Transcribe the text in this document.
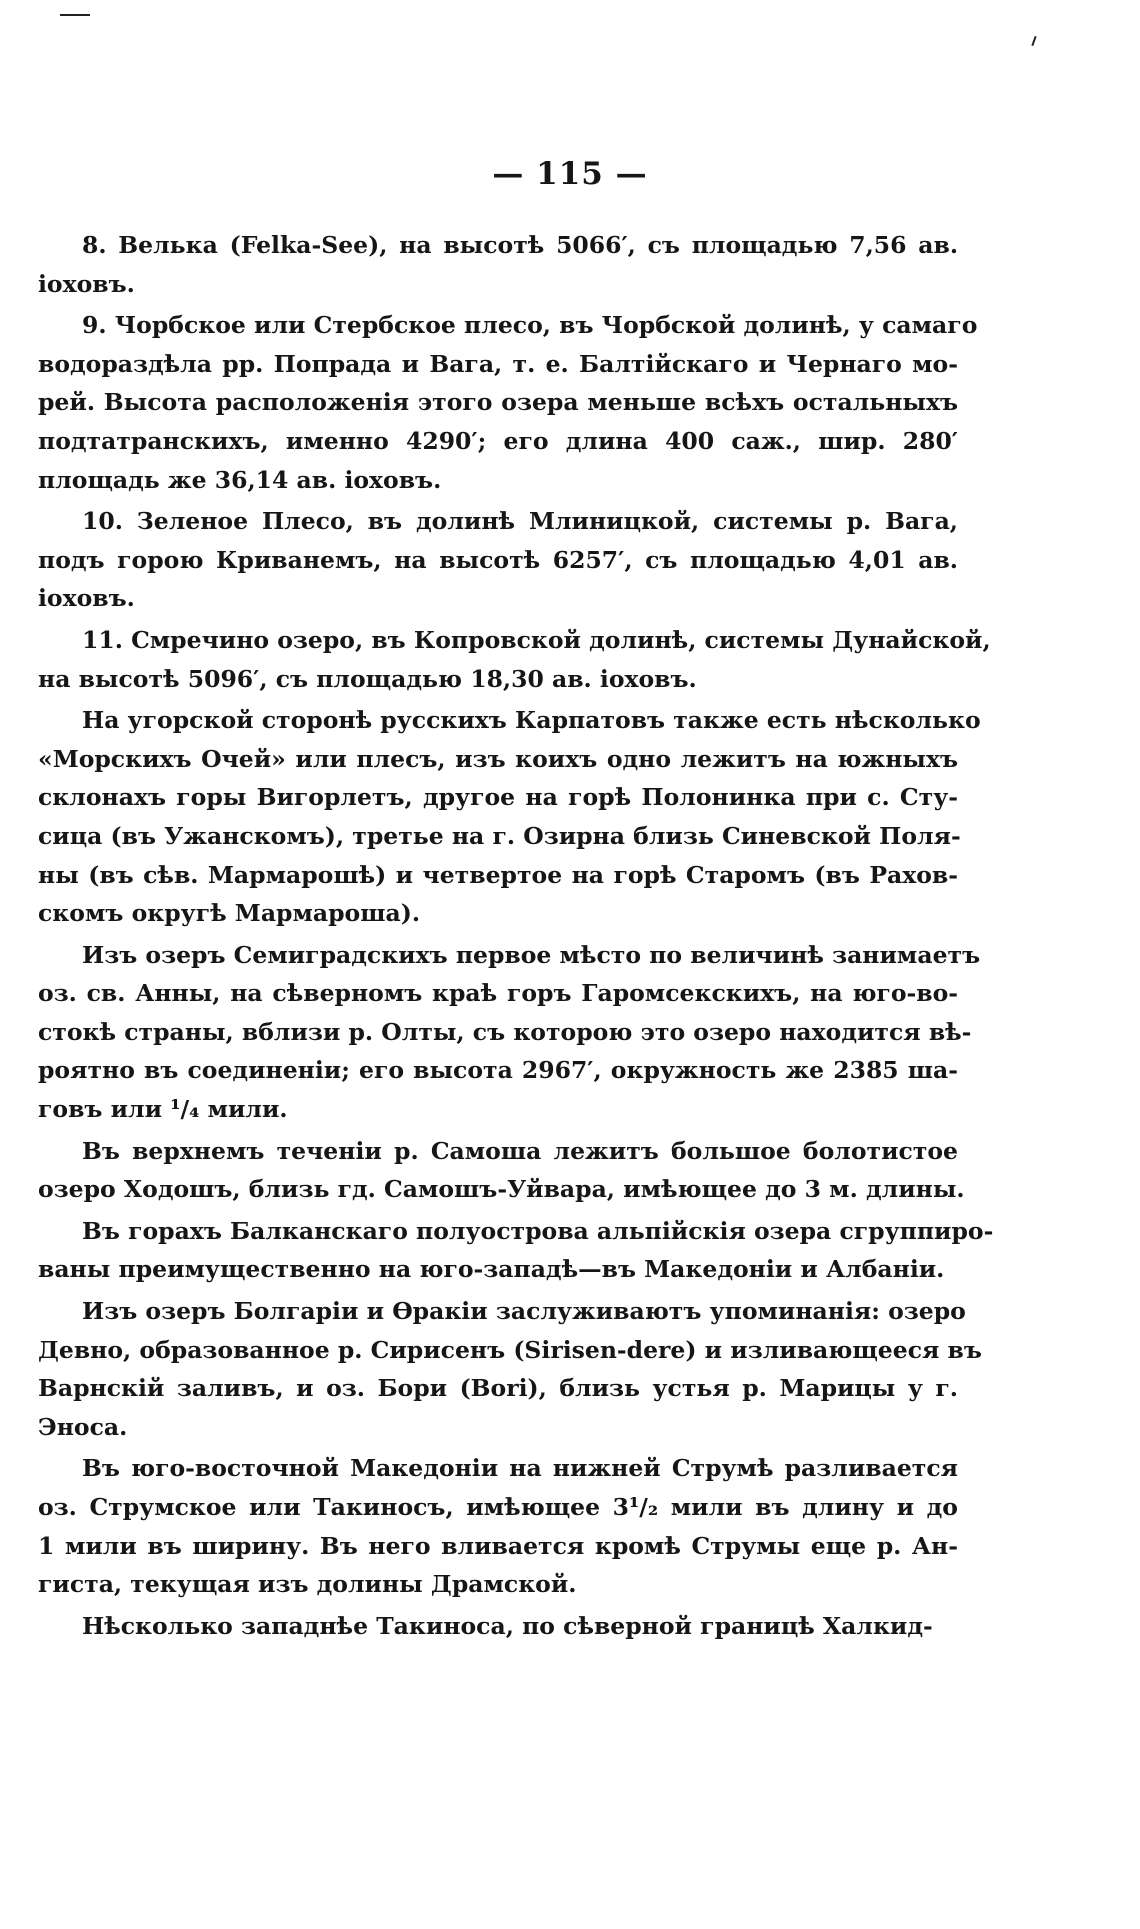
— 115 —

8. Велька (Felka-See), на высотѣ 5066′, съ площадью 7,56 ав.
іоховъ.
9. Чорбское или Стербское плесо, въ Чорбской долинѣ, у самаго
водораздѣла рр. Попрада и Вага, т. е. Балтійскаго и Чернаго мо-
рей. Высота расположенія этого озера меньше всѣхъ остальныхъ
подтатранскихъ, именно 4290′; его длина 400 саж., шир. 280′
площадь же 36,14 ав. іоховъ.
10. Зеленое Плесо, въ долинѣ Млиницкой, системы р. Вага,
подъ горою Криванемъ, на высотѣ 6257′, съ площадью 4,01 ав.
іоховъ.
11. Смречино озеро, въ Копровской долинѣ, системы Дунайской,
на высотѣ 5096′, съ площадью 18,30 ав. іоховъ.
На угорской сторонѣ русскихъ Карпатовъ также есть нѣсколько
«Морскихъ Очей» или плесъ, изъ коихъ одно лежитъ на южныхъ
склонахъ горы Вигорлетъ, другое на горѣ Полонинка при с. Сту-
сица (въ Ужанскомъ), третье на г. Озирна близь Синевской Поля-
ны (въ сѣв. Мармарошѣ) и четвертое на горѣ Старомъ (въ Рахов-
скомъ округѣ Мармароша).
Изъ озеръ Семиградскихъ первое мѣсто по величинѣ занимаетъ
оз. св. Анны, на сѣверномъ краѣ горъ Гаромсекскихъ, на юго-во-
стокѣ страны, вблизи р. Олты, съ которою это озеро находится вѣ-
роятно въ соединеніи; его высота 2967′, окружность же 2385 ша-
говъ или ¹/₄ мили.
Въ верхнемъ теченіи р. Самоша лежитъ большое болотистое
озеро Ходошъ, близь гд. Самошъ-Уйвара, имѣющее до 3 м. длины.
Въ горахъ Балканскаго полуострова альпійскія озера сгруппиро-
ваны преимущественно на юго-западѣ—въ Македоніи и Албаніи.
Изъ озеръ Болгаріи и Ѳракіи заслуживаютъ упоминанія: озеро
Девно, образованное р. Сирисенъ (Sirisen-dere) и изливающееся въ
Варнскій заливъ, и оз. Бори (Bori), близь устья р. Марицы у г.
Эноса.
Въ юго-восточной Македоніи на нижней Струмѣ разливается
оз. Струмское или Такиносъ, имѣющее 3¹/₂ мили въ длину и до
1 мили въ ширину. Въ него вливается кромѣ Струмы еще р. Ан-
гиста, текущая изъ долины Драмской.
Нѣсколько западнѣе Такиноса, по сѣверной границѣ Халкид-
